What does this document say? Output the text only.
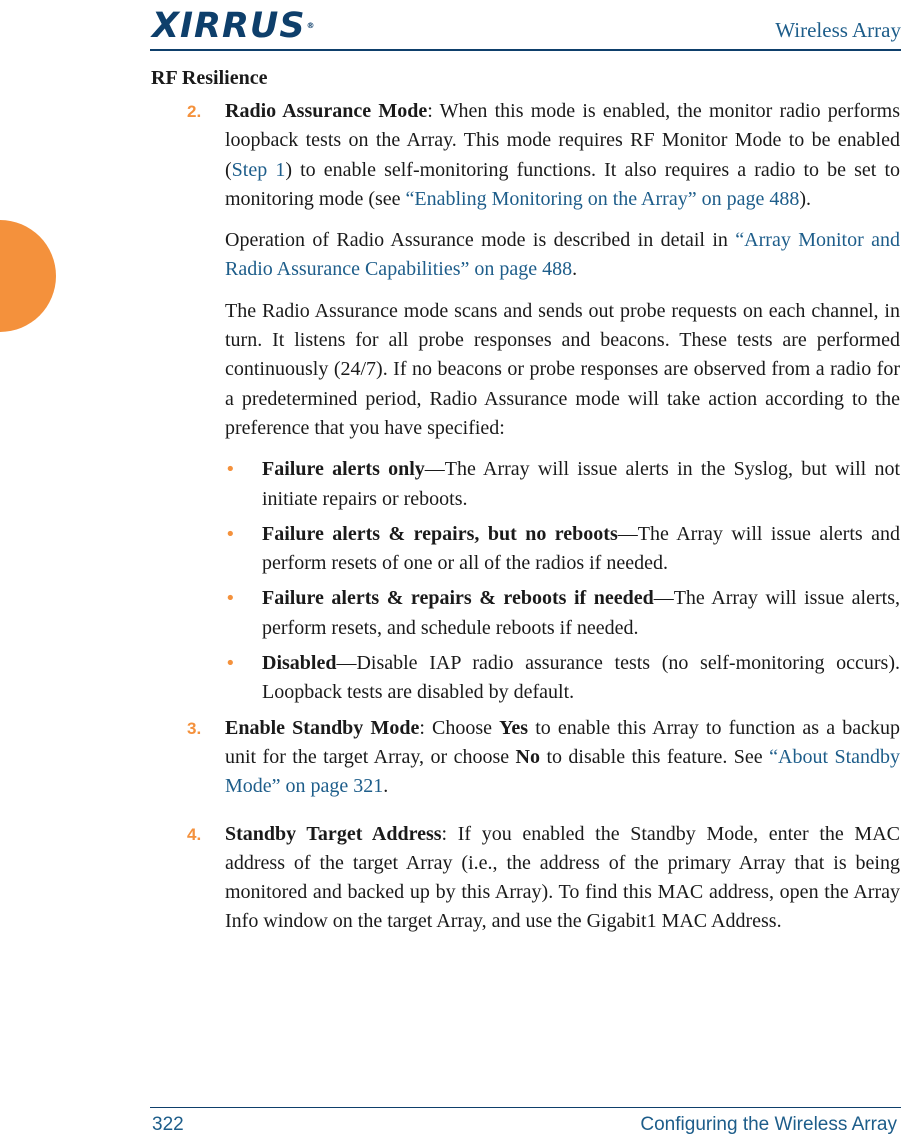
XIRRUS®	Wireless Array
RF Resilience
2. Radio Assurance Mode: When this mode is enabled, the monitor radio performs loopback tests on the Array. This mode requires RF Monitor Mode to be enabled (Step 1) to enable self-monitoring functions. It also requires a radio to be set to monitoring mode (see “Enabling Monitoring on the Array” on page 488).

Operation of Radio Assurance mode is described in detail in “Array Monitor and Radio Assurance Capabilities” on page 488.

The Radio Assurance mode scans and sends out probe requests on each channel, in turn. It listens for all probe responses and beacons. These tests are performed continuously (24/7). If no beacons or probe responses are observed from a radio for a predetermined period, Radio Assurance mode will take action according to the preference that you have specified:

• Failure alerts only—The Array will issue alerts in the Syslog, but will not initiate repairs or reboots.
• Failure alerts & repairs, but no reboots—The Array will issue alerts and perform resets of one or all of the radios if needed.
• Failure alerts & repairs & reboots if needed—The Array will issue alerts, perform resets, and schedule reboots if needed.
• Disabled—Disable IAP radio assurance tests (no self-monitoring occurs). Loopback tests are disabled by default.
3. Enable Standby Mode: Choose Yes to enable this Array to function as a backup unit for the target Array, or choose No to disable this feature. See “About Standby Mode” on page 321.
4. Standby Target Address: If you enabled the Standby Mode, enter the MAC address of the target Array (i.e., the address of the primary Array that is being monitored and backed up by this Array). To find this MAC address, open the Array Info window on the target Array, and use the Gigabit1 MAC Address.
322	Configuring the Wireless Array
